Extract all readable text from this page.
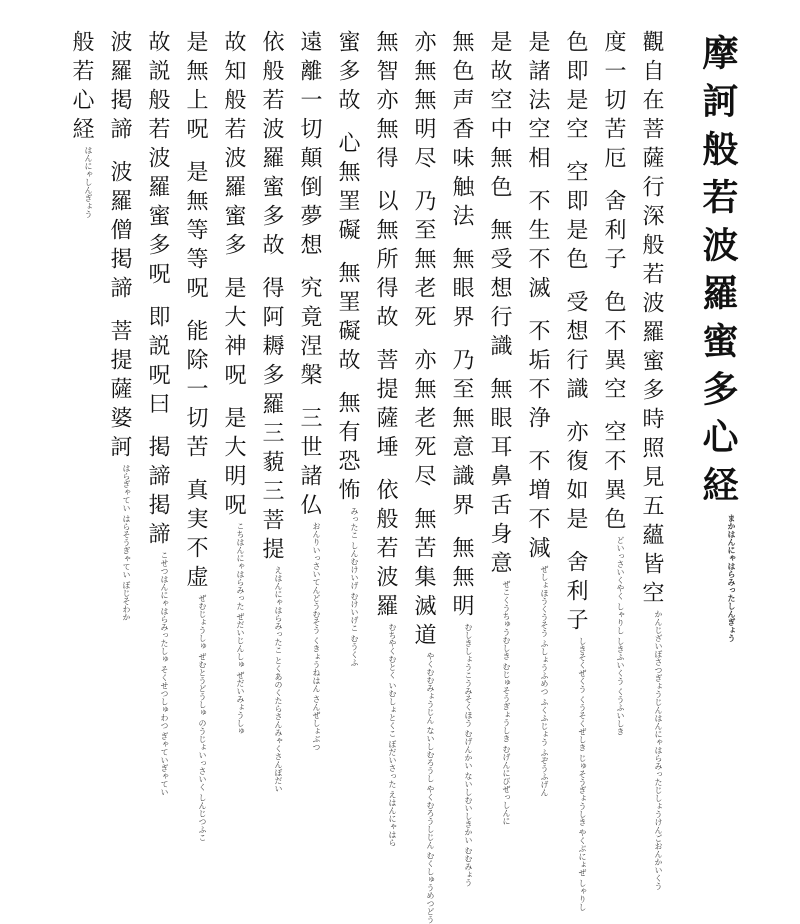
摩訶般若波羅蜜多心経
まかはんにゃはらみったしんぎょう
觀自在菩薩行深般若波羅蜜多時照見五蘊皆空
かんじざいぼさつぎょうじんはんにゃはらみったじしょうけんごおんかいくう
度一切苦厄 舍利子 色不異空 空不異色
どいっさいくやく しゃりし しきふいくう くうふいしき
色即是空 空即是色 受想行識 亦復如是 舍利子
しきそくぜくう くうそくぜしき じゅそうぎょうしき やくぶにょぜ しゃりし
是諸法空相 不生不滅 不垢不浄 不増不減
ぜしょほうくうそう ふしょうふめつ ふくふじょう ふぞうふげん
是故空中無色 無受想行識 無眼耳鼻舌身意
ぜこくうちゅうむしき むじゅそうぎょうしき むげんにびぜっしんに
無色声香味触法 無眼界 乃至無意識界 無無明
むしきしょうこうみそくほう むげんかい ないしむいしきかい むむみょう
亦無無明尽 乃至無老死 亦無老死尽 無苦集滅道
やくむむみょうじん ないしむろうし やくむろうしじん むくしゅうめつどう
無智亦無得 以無所得故 菩提薩埵 依般若波羅
むちやくむとく いむしょとくこ ぼだいさった えはんにゃはら
蜜多故 心無罣礙 無罣礙故 無有恐怖
みったこ しんむけいげ むけいげこ むうくふ
遠離一切顛倒夢想 究竟涅槃 三世諸仏
おんりいっさいてんどうむそう くきょうねはん さんぜしょぶつ
依般若波羅蜜多故 得阿耨多羅三藐三菩提
えはんにゃはらみったこ とくあのくたらさんみゃくさんぼだい
故知般若波羅蜜多 是大神呪 是大明呪
こちはんにゃはらみった ぜだいじんしゅ ぜだいみょうしゅ
是無上呪 是無等等呪 能除一切苦 真実不虚
ぜむじょうしゅ ぜむとうどうしゅ のうじょいっさいく しんじつふこ
故説般若波羅蜜多呪 即説呪曰 掲諦掲諦
こせつはんにゃはらみったしゅ そくせつしゅわつ ぎゃていぎゃてい
波羅掲諦 波羅僧掲諦 菩提薩婆訶
はらぎゃてい はらそうぎゃてい ぼじそわか
般若心経
はんにゃしんぎょう
